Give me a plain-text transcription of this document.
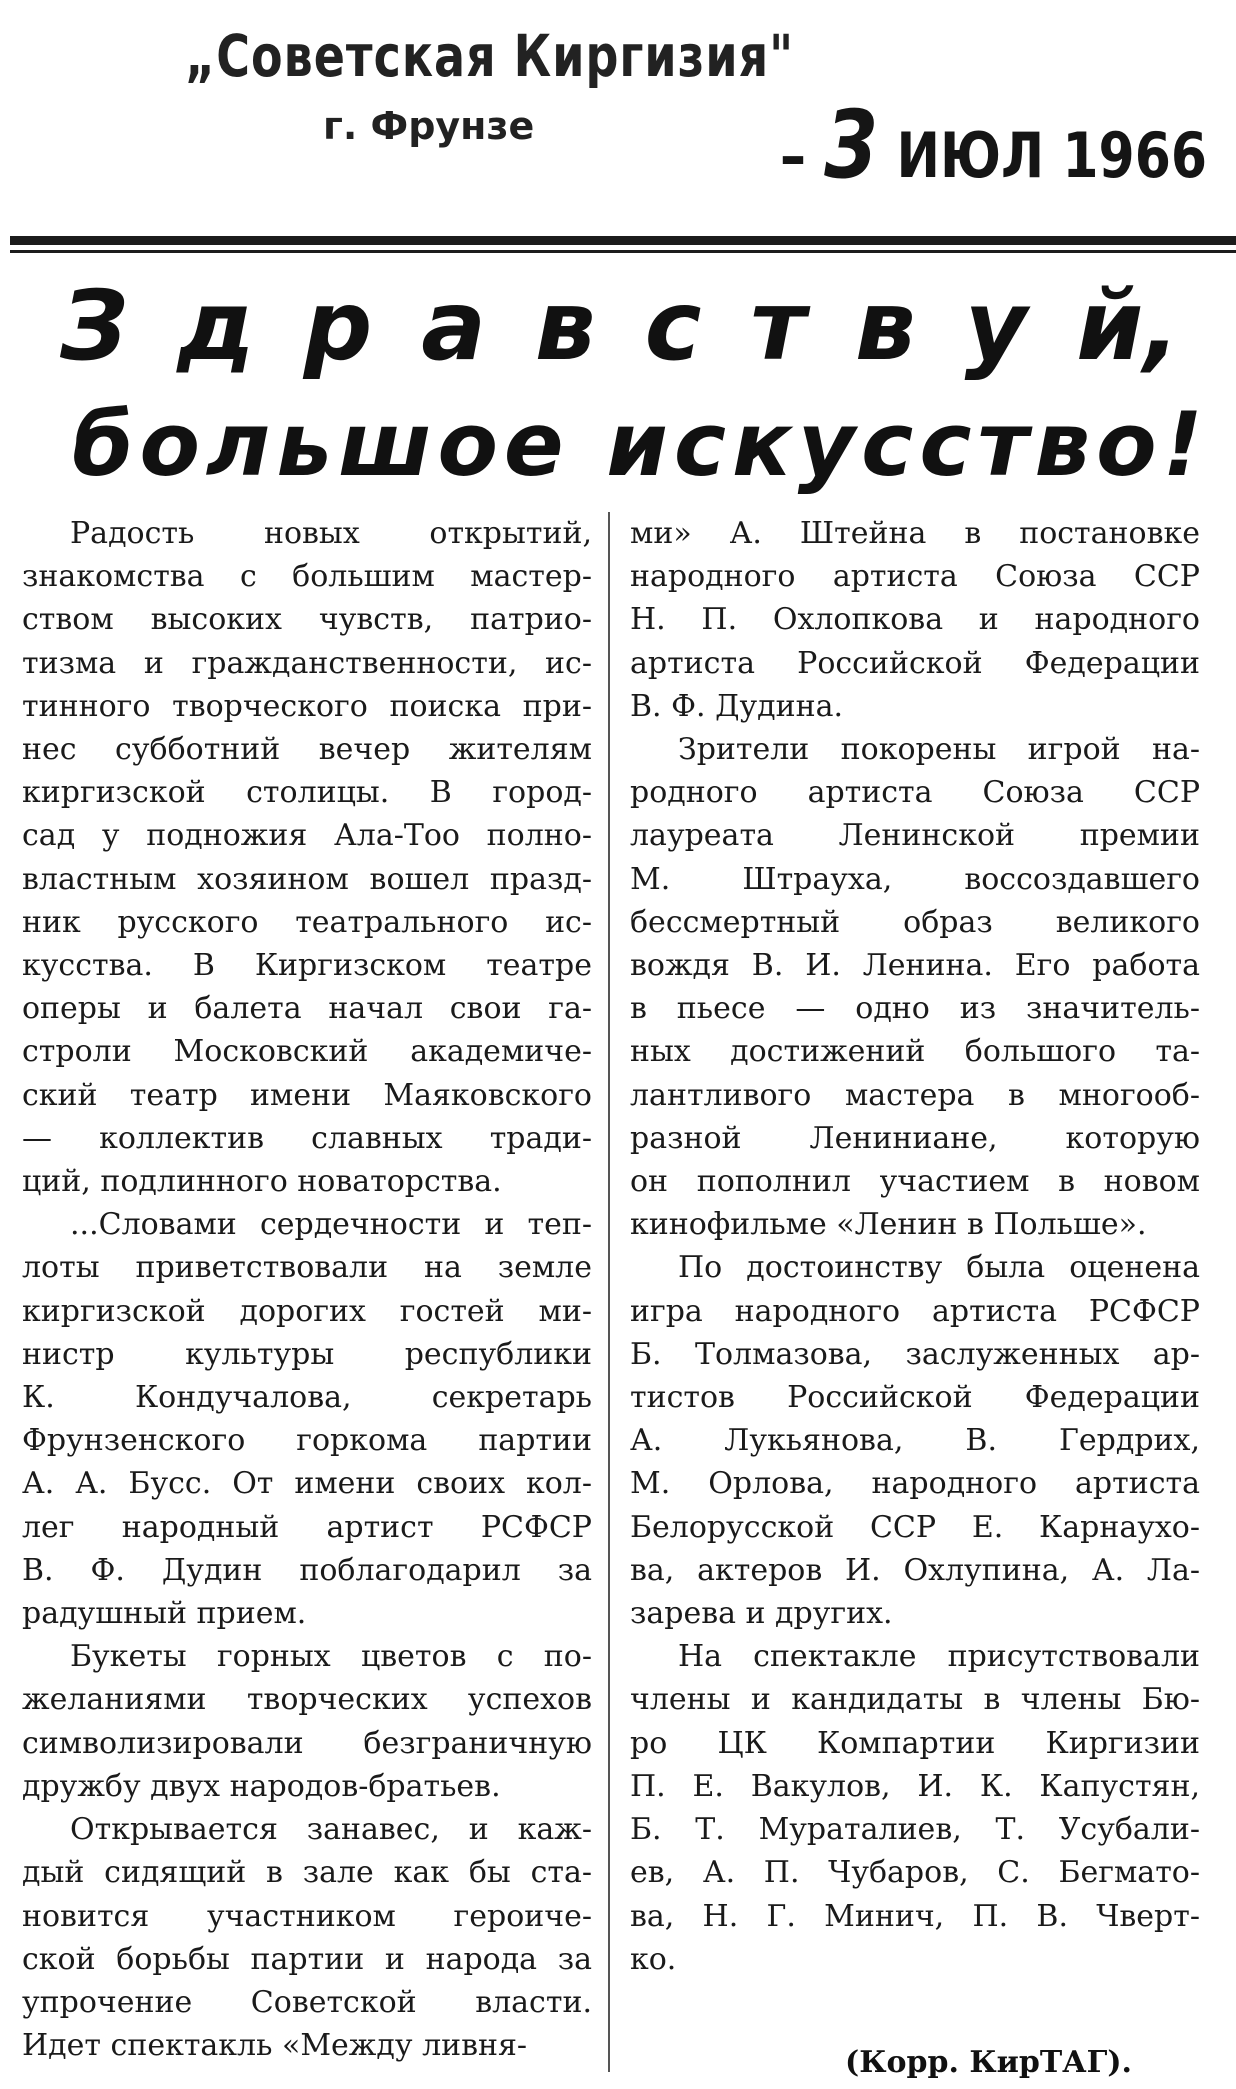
„Советская Киргизия"
г. Фрунзе	– 3 ИЮЛ 1966
З д р а в с т в у й,
большое искусство!

Радость новых открытий,
знакомства с большим мастер-
ством высоких чувств, патрио-
тизма и гражданственности, ис-
тинного творческого поиска при-
нес субботний вечер жителям
киргизской столицы. В город-
сад у подножия Ала-Тоо полно-
властным хозяином вошел празд-
ник русского театрального ис-
кусства. В Киргизском театре
оперы и балета начал свои га-
строли Московский академиче-
ский театр имени Маяковского
— коллектив славных тради-
ций, подлинного новаторства.

...Словами сердечности и теп-
лоты приветствовали на земле
киргизской дорогих гостей ми-
нистр культуры республики
К. Кондучалова, секретарь
Фрунзенского горкома партии
А. А. Бусс. От имени своих кол-
лег народный артист РСФСР
В. Ф. Дудин поблагодарил за
радушный прием.

Букеты горных цветов с по-
желаниями творческих успехов
символизировали безграничную
дружбу двух народов-братьев.

Открывается занавес, и каж-
дый сидящий в зале как бы ста-
новится участником героиче-
ской борьбы партии и народа за
упрочение Советской власти.
Идет спектакль «Между ливня-

ми» А. Штейна в постановке
народного артиста Союза ССР
Н. П. Охлопкова и народного
артиста Российской Федерации
В. Ф. Дудина.

Зрители покорены игрой на-
родного артиста Союза ССР
лауреата Ленинской премии
М. Штрауха, воссоздавшего
бессмертный образ великого
вождя В. И. Ленина. Его работа
в пьесе — одно из значитель-
ных достижений большого та-
лантливого мастера в многооб-
разной Лениниане, которую
он пополнил участием в новом
кинофильме «Ленин в Польше».

По достоинству была оценена
игра народного артиста РСФСР
Б. Толмазова, заслуженных ар-
тистов Российской Федерации
А. Лукьянова, В. Гердрих,
М. Орлова, народного артиста
Белорусской ССР Е. Карнаухо-
ва, актеров И. Охлупина, А. Ла-
зарева и других.

На спектакле присутствовали
члены и кандидаты в члены Бю-
ро ЦК Компартии Киргизии
П. Е. Вакулов, И. К. Капустян,
Б. Т. Мураталиев, Т. Усубали-
ев, А. П. Чубаров, С. Бегмато-
ва, Н. Г. Минич, П. В. Чверт-
ко.

(Корр. КирТАГ).
